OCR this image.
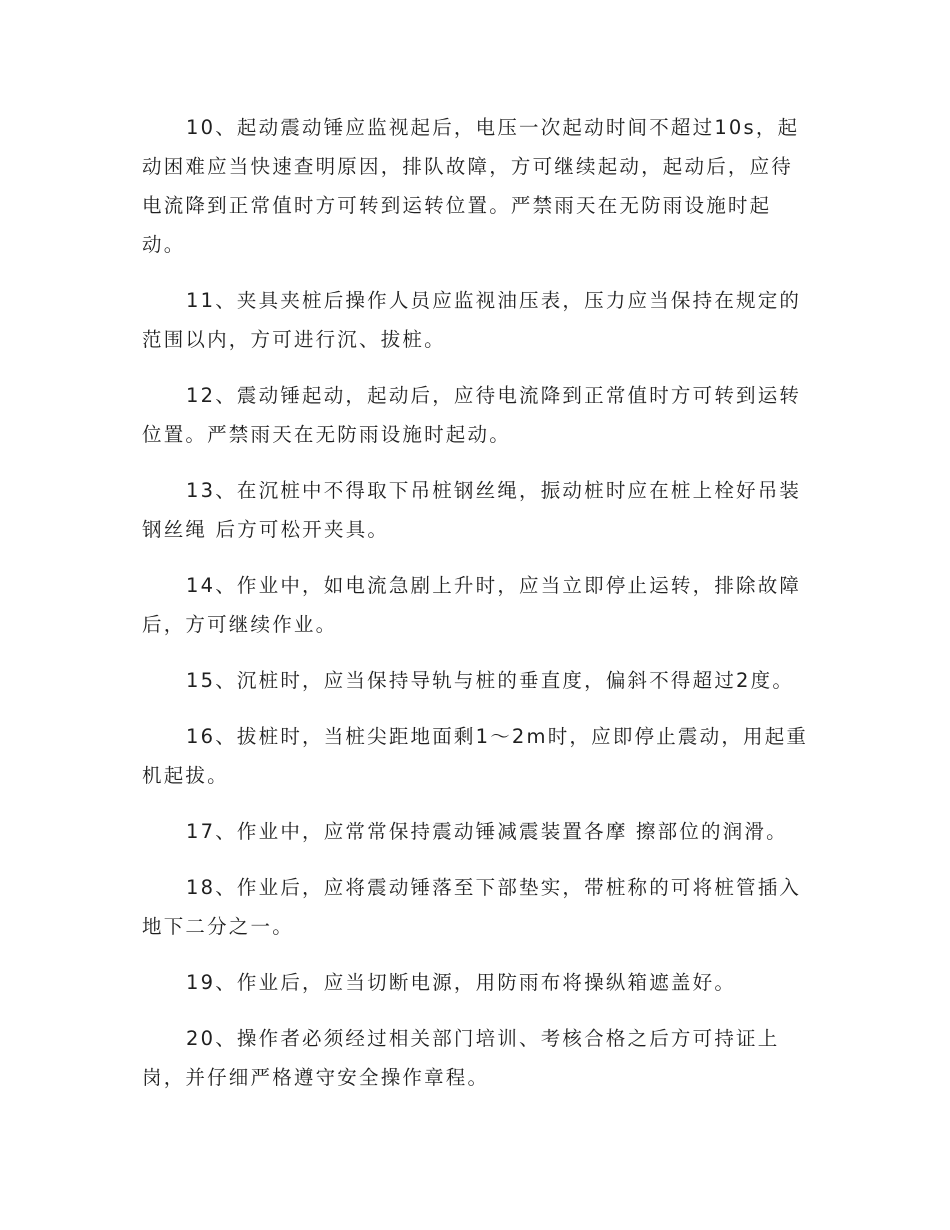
10、起动震动锤应监视起后，电压一次起动时间不超过10s，起动困难应当快速查明原因，排队故障，方可继续起动，起动后，应待电流降到正常值时方可转到运转位置。严禁雨天在无防雨设施时起动。

11、夹具夹桩后操作人员应监视油压表，压力应当保持在规定的范围以内，方可进行沉、拔桩。

12、震动锤起动，起动后，应待电流降到正常值时方可转到运转位置。严禁雨天在无防雨设施时起动。

13、在沉桩中不得取下吊桩钢丝绳，振动桩时应在桩上栓好吊装钢丝绳 后方可松开夹具。

14、作业中，如电流急剧上升时，应当立即停止运转，排除故障后，方可继续作业。

15、沉桩时，应当保持导轨与桩的垂直度，偏斜不得超过2度。

16、拔桩时，当桩尖距地面剩1～2m时，应即停止震动，用起重机起拔。

17、作业中，应常常保持震动锤减震装置各摩 擦部位的润滑。

18、作业后，应将震动锤落至下部垫实，带桩称的可将桩管插入地下二分之一。

19、作业后，应当切断电源，用防雨布将操纵箱遮盖好。

20、操作者必须经过相关部门培训、考核合格之后方可持证上岗，并仔细严格遵守安全操作章程。
